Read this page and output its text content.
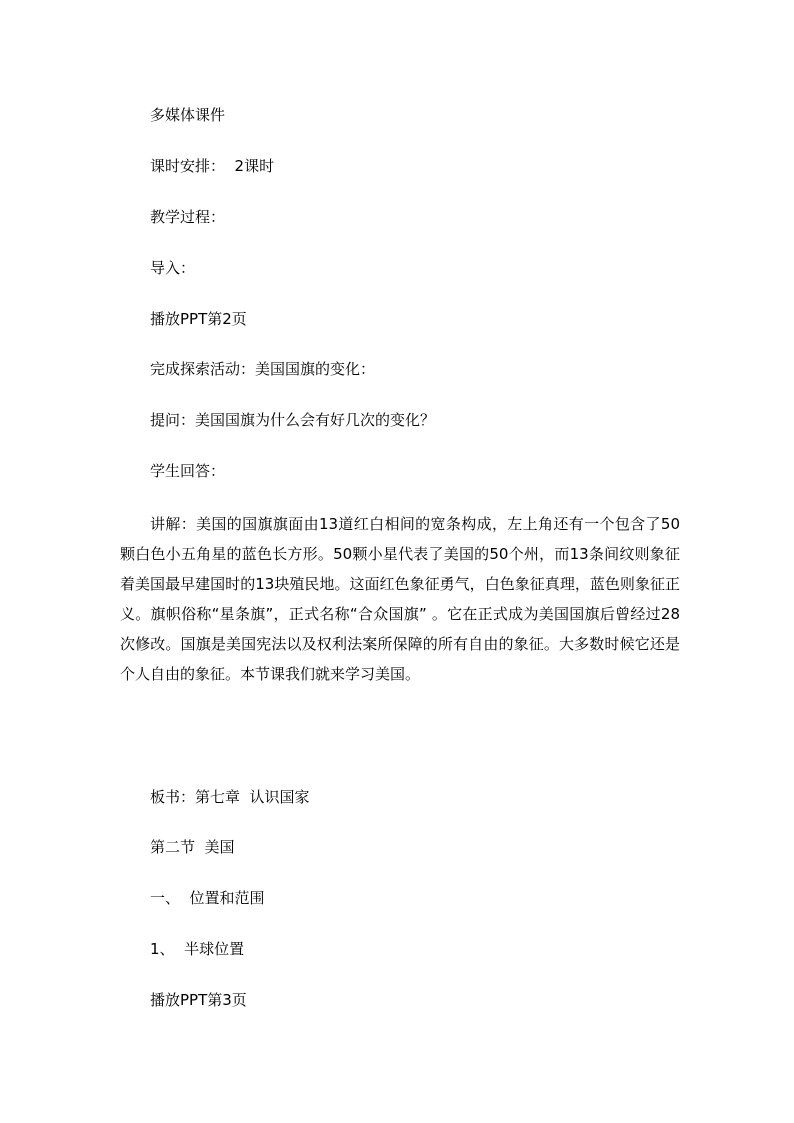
多媒体课件
课时安排：  2课时
教学过程：
导入：
播放PPT第2页
完成探索活动：美国国旗的变化：
提问：美国国旗为什么会有好几次的变化？
学生回答：
讲解：美国的国旗旗面由13道红白相间的宽条构成，左上角还有一个包含了50颗白色小五角星的蓝色长方形。50颗小星代表了美国的50个州，而13条间纹则象征着美国最早建国时的13块殖民地。这面红色象征勇气，白色象征真理，蓝色则象征正义。旗帜俗称“星条旗”，正式名称“合众国旗” 。它在正式成为美国国旗后曾经过28次修改。国旗是美国宪法以及权利法案所保障的所有自由的象征。大多数时候它还是个人自由的象征。本节课我们就来学习美国。
板书：第七章  认识国家
第二节  美国
一、  位置和范围
1、  半球位置
播放PPT第3页
